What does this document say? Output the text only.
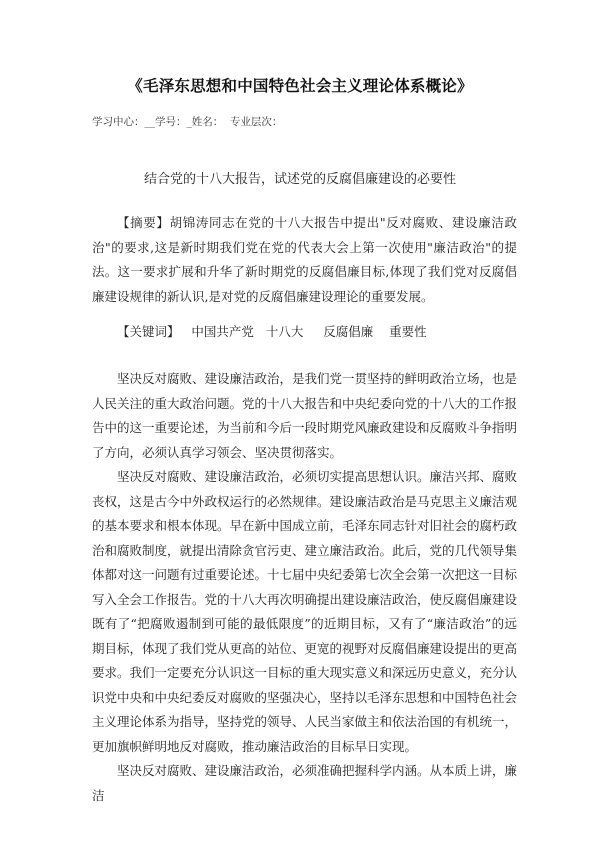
《毛泽东思想和中国特色社会主义理论体系概论》
学习中心：__学号：_姓名：  专业层次：
结合党的十八大报告，试述党的反腐倡廉建设的必要性
【摘要】胡锦涛同志在党的十八大报告中提出"反对腐败、建设廉洁政治"的要求,这是新时期我们党在党的代表大会上第一次使用"廉洁政治"的提法。这一要求扩展和升华了新时期党的反腐倡廉目标,体现了我们党对反腐倡廉建设规律的新认识,是对党的反腐倡廉建设理论的重要发展。
【关键词】   中国共产党   十八大     反腐倡廉    重要性

坚决反对腐败、建设廉洁政治，是我们党一贯坚持的鲜明政治立场，也是人民关注的重大政治问题。党的十八大报告和中央纪委向党的十八大的工作报告中的这一重要论述，为当前和今后一段时期党风廉政建设和反腐败斗争指明了方向，必须认真学习领会、坚决贯彻落实。

坚决反对腐败、建设廉洁政治，必须切实提高思想认识。廉洁兴邦、腐败丧权，这是古今中外政权运行的必然规律。建设廉洁政治是马克思主义廉洁观的基本要求和根本体现。早在新中国成立前，毛泽东同志针对旧社会的腐朽政治和腐败制度，就提出清除贪官污吏、建立廉洁政治。此后，党的几代领导集体都对这一问题有过重要论述。十七届中央纪委第七次全会第一次把这一目标写入全会工作报告。党的十八大再次明确提出建设廉洁政治，使反腐倡廉建设既有了“把腐败遏制到可能的最低限度”的近期目标，又有了“廉洁政治”的远期目标，体现了我们党从更高的站位、更宽的视野对反腐倡廉建设提出的更高要求。我们一定要充分认识这一目标的重大现实意义和深远历史意义，充分认识党中央和中央纪委反对腐败的坚强决心，坚持以毛泽东思想和中国特色社会主义理论体系为指导，坚持党的领导、人民当家做主和依法治国的有机统一，更加旗帜鲜明地反对腐败，推动廉洁政治的目标早日实现。

坚决反对腐败、建设廉洁政治，必须准确把握科学内涵。从本质上讲，廉洁
